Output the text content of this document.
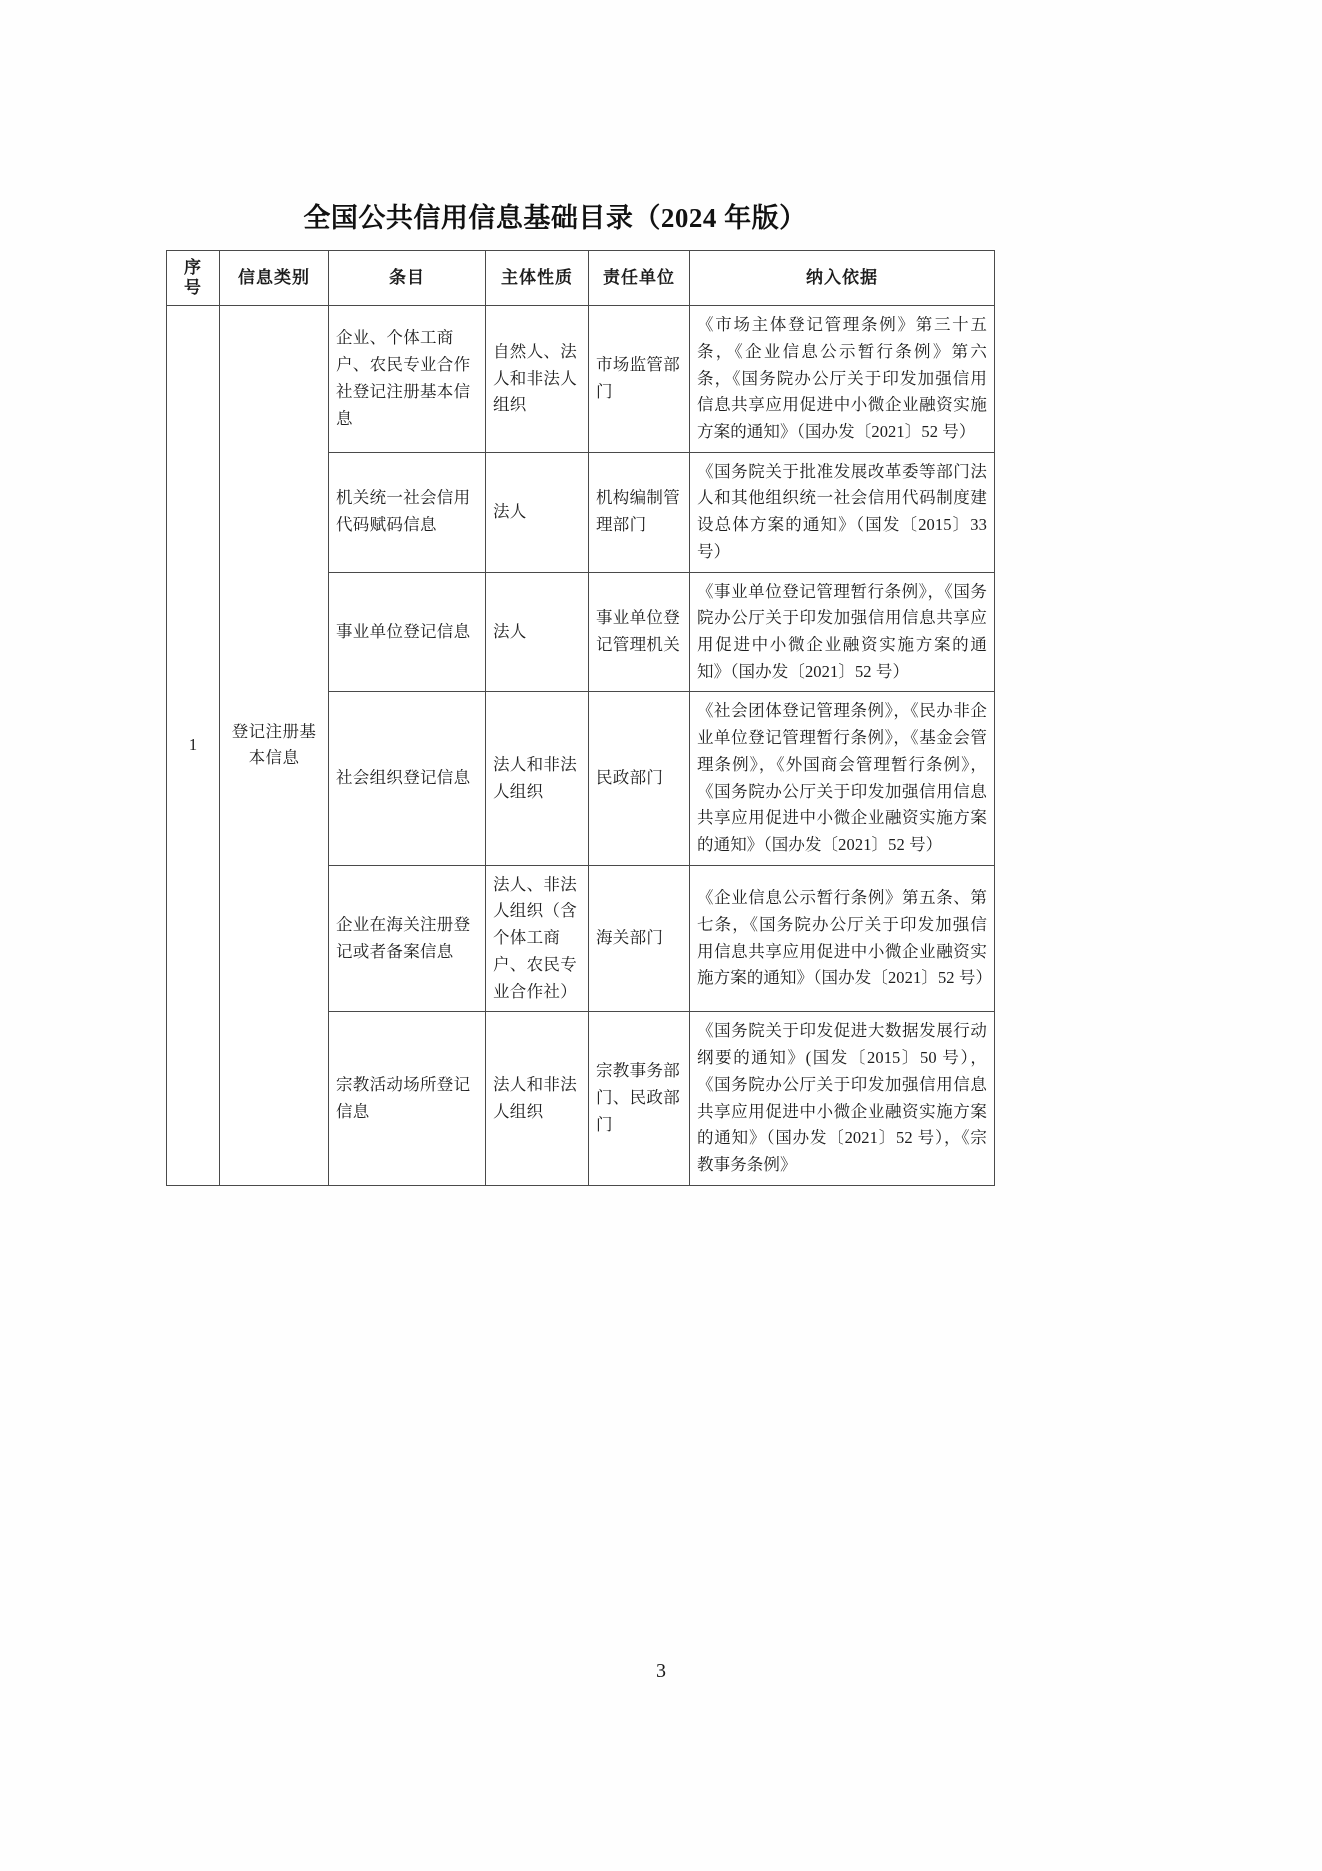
全国公共信用信息基础目录（2024 年版）
序
号	信息类别	条目	主体性质	责任单位	纳入依据
1	登记注册基本信息	企业、个体工商户、农民专业合作社登记注册基本信息	自然人、法人和非法人组织	市场监管部门	《市场主体登记管理条例》第三十五条，《企业信息公示暂行条例》第六条，《国务院办公厅关于印发加强信用信息共享应用促进中小微企业融资实施方案的通知》（国办发〔2021〕52 号）
		机关统一社会信用代码赋码信息	法人	机构编制管理部门	《国务院关于批准发展改革委等部门法人和其他组织统一社会信用代码制度建设总体方案的通知》（国发〔2015〕33 号）
		事业单位登记信息	法人	事业单位登记管理机关	《事业单位登记管理暂行条例》，《国务院办公厅关于印发加强信用信息共享应用促进中小微企业融资实施方案的通知》（国办发〔2021〕52 号）
		社会组织登记信息	法人和非法人组织	民政部门	《社会团体登记管理条例》，《民办非企业单位登记管理暂行条例》，《基金会管理条例》，《外国商会管理暂行条例》，《国务院办公厅关于印发加强信用信息共享应用促进中小微企业融资实施方案的通知》（国办发〔2021〕52 号）
		企业在海关注册登记或者备案信息	法人、非法人组织（含个体工商户、农民专业合作社）	海关部门	《企业信息公示暂行条例》第五条、第七条，《国务院办公厅关于印发加强信用信息共享应用促进中小微企业融资实施方案的通知》（国办发〔2021〕52 号）
		宗教活动场所登记信息	法人和非法人组织	宗教事务部门、民政部门	《国务院关于印发促进大数据发展行动纲要的通知》(国发〔2015〕50 号），《国务院办公厅关于印发加强信用信息共享应用促进中小微企业融资实施方案的通知》（国办发〔2021〕52 号），《宗教事务条例》
3
